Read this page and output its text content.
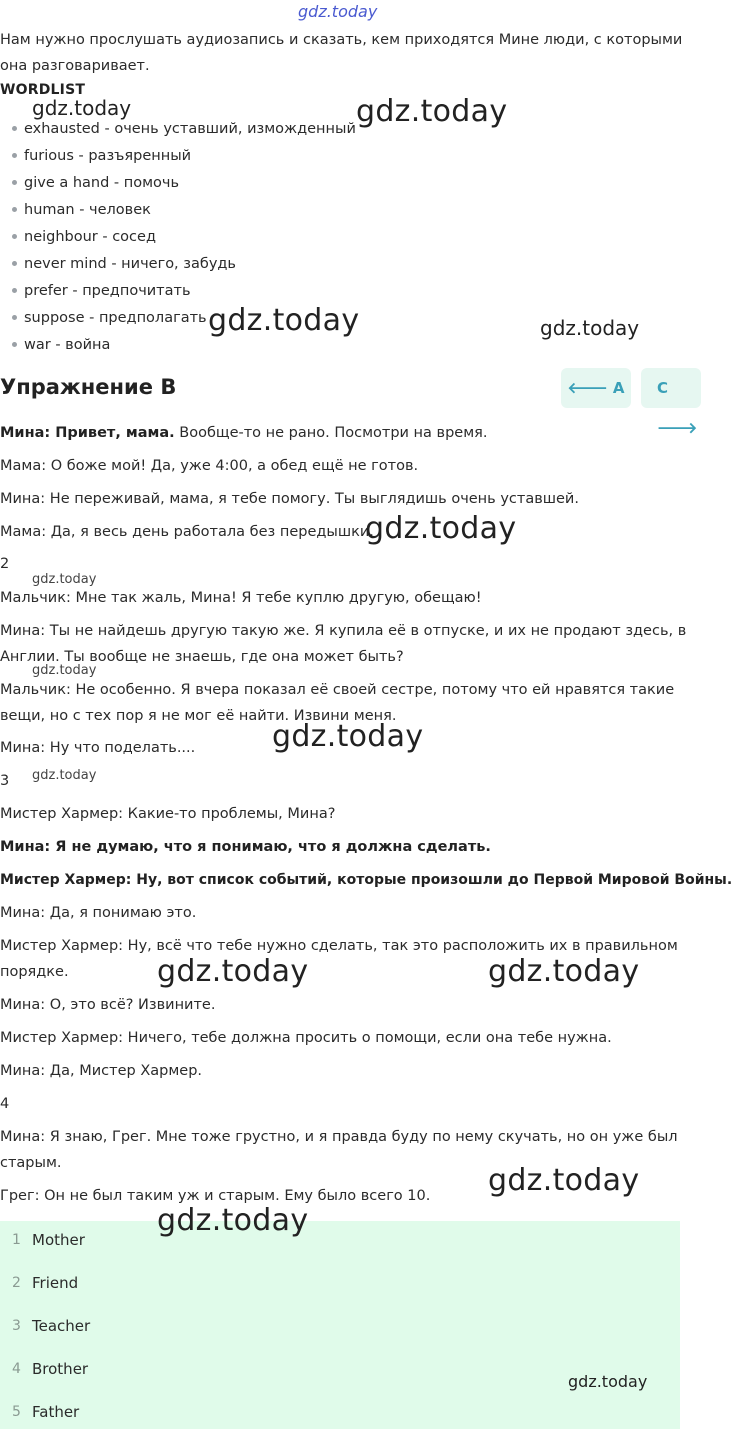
gdz.today
Нам нужно прослушать аудиозапись и сказать, кем приходятся Мине люди, с которыми
она разговаривает.
WORDLIST
exhausted - очень уставший, изможденный
furious - разъяренный
give a hand - помочь
human - человек
neighbour - сосед
never mind - ничего, забудь
prefer - предпочитать
suppose - предполагать
war - война
Упражнение B	🡐 A	C 🡒
Мина: Привет, мама. Вообще-то не рано. Посмотри на время.
Мама: О боже мой! Да, уже 4:00, а обед ещё не готов.
Мина: Не переживай, мама, я тебе помогу. Ты выглядишь очень уставшей.
Мама: Да, я весь день работала без передышки.
2
Мальчик: Мне так жаль, Мина! Я тебе куплю другую, обещаю!
Мина: Ты не найдешь другую такую же. Я купила её в отпуске, и их не продают здесь, в
Англии. Ты вообще не знаешь, где она может быть?
Мальчик: Не особенно. Я вчера показал её своей сестре, потому что ей нравятся такие
вещи, но с тех пор я не мог её найти. Извини меня.
Мина: Ну что поделать....
3
Мистер Хармер: Какие-то проблемы, Мина?
Мина: Я не думаю, что я понимаю, что я должна сделать.
Мистер Хармер: Ну, вот список событий, которые произошли до Первой Мировой Войны.
Мина: Да, я понимаю это.
Мистер Хармер: Ну, всё что тебе нужно сделать, так это расположить их в правильном
порядке.
Мина: О, это всё? Извините.
Мистер Хармер: Ничего, тебе должна просить о помощи, если она тебе нужна.
Мина: Да, Мистер Хармер.
4
Мина: Я знаю, Грег. Мне тоже грустно, и я правда буду по нему скучать, но он уже был
старым.
Грег: Он не был таким уж и старым. Ему было всего 10.
1 Mother
2 Friend
3 Teacher
4 Brother
5 Father
gdz.today	gdz.today
gdz.today	gdz.today
gdz.today
gdz.today
gdz.today
gdz.today
gdz.today
gdz.today	gdz.today
gdz.today
gdz.today
gdz.today
